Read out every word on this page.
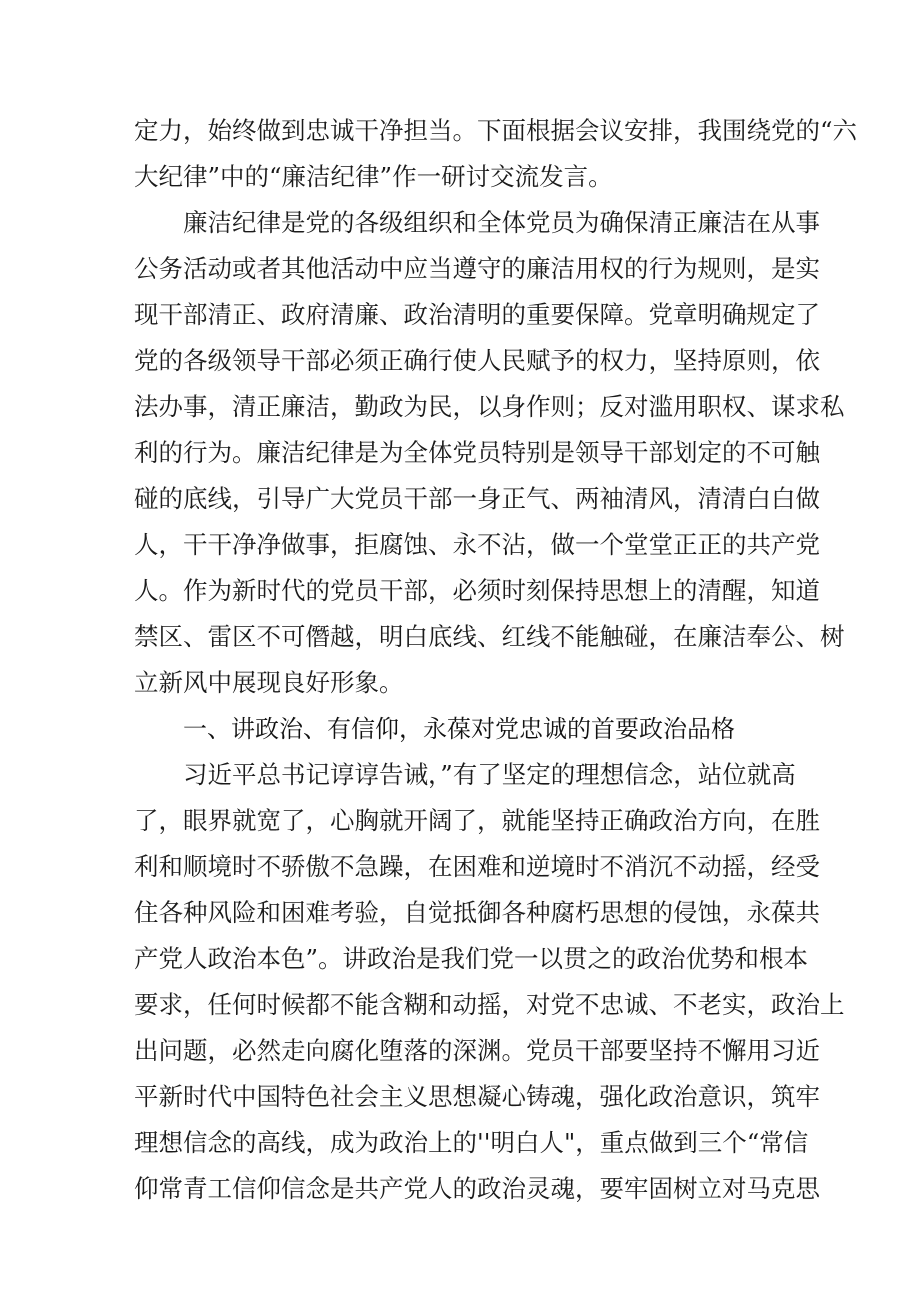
定力，始终做到忠诚干净担当。下面根据会议安排，我围绕党的“六
大纪律”中的“廉洁纪律”作一研讨交流发言。
廉洁纪律是党的各级组织和全体党员为确保清正廉洁在从事
公务活动或者其他活动中应当遵守的廉洁用权的行为规则，是实
现干部清正、政府清廉、政治清明的重要保障。党章明确规定了
党的各级领导干部必须正确行使人民赋予的权力，坚持原则，依
法办事，清正廉洁，勤政为民，以身作则；反对滥用职权、谋求私
利的行为。廉洁纪律是为全体党员特别是领导干部划定的不可触
碰的底线，引导广大党员干部一身正气、两袖清风，清清白白做
人，干干净净做事，拒腐蚀、永不沾，做一个堂堂正正的共产党
人。作为新时代的党员干部，必须时刻保持思想上的清醒，知道
禁区、雷区不可僭越，明白底线、红线不能触碰，在廉洁奉公、树
立新风中展现良好形象。
一、讲政治、有信仰，永葆对党忠诚的首要政治品格
习近平总书记谆谆告诫，”有了坚定的理想信念，站位就高
了，眼界就宽了，心胸就开阔了，就能坚持正确政治方向，在胜
利和顺境时不骄傲不急躁，在困难和逆境时不消沉不动摇，经受
住各种风险和困难考验，自觉抵御各种腐朽思想的侵蚀，永葆共
产党人政治本色”。讲政治是我们党一以贯之的政治优势和根本
要求，任何时候都不能含糊和动摇，对党不忠诚、不老实，政治上
出问题，必然走向腐化堕落的深渊。党员干部要坚持不懈用习近
平新时代中国特色社会主义思想凝心铸魂，强化政治意识，筑牢
理想信念的高线，成为政治上的''明白人"，重点做到三个“常信
仰常青工信仰信念是共产党人的政治灵魂，要牢固树立对马克思
